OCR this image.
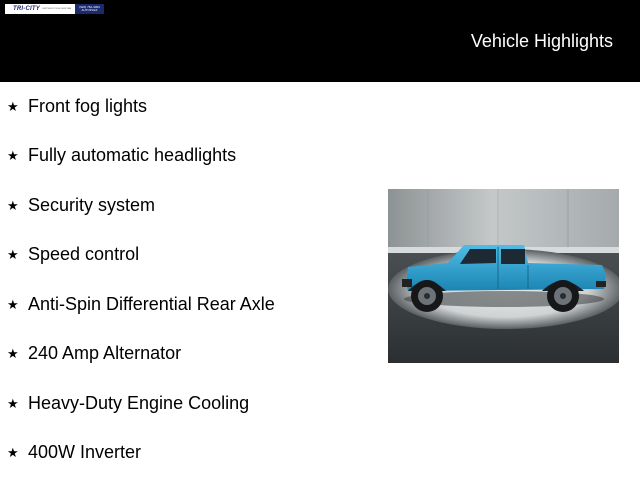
TRI-CITY CHRYSLER DODGE JEEP RAM
(920) 762-4093
AUTOPLEX
Vehicle Highlights
★ Front fog lights
★ Fully automatic headlights
★ Security system
★ Speed control
★ Anti-Spin Differential Rear Axle
★ 240 Amp Alternator
★ Heavy-Duty Engine Cooling
★ 400W Inverter
